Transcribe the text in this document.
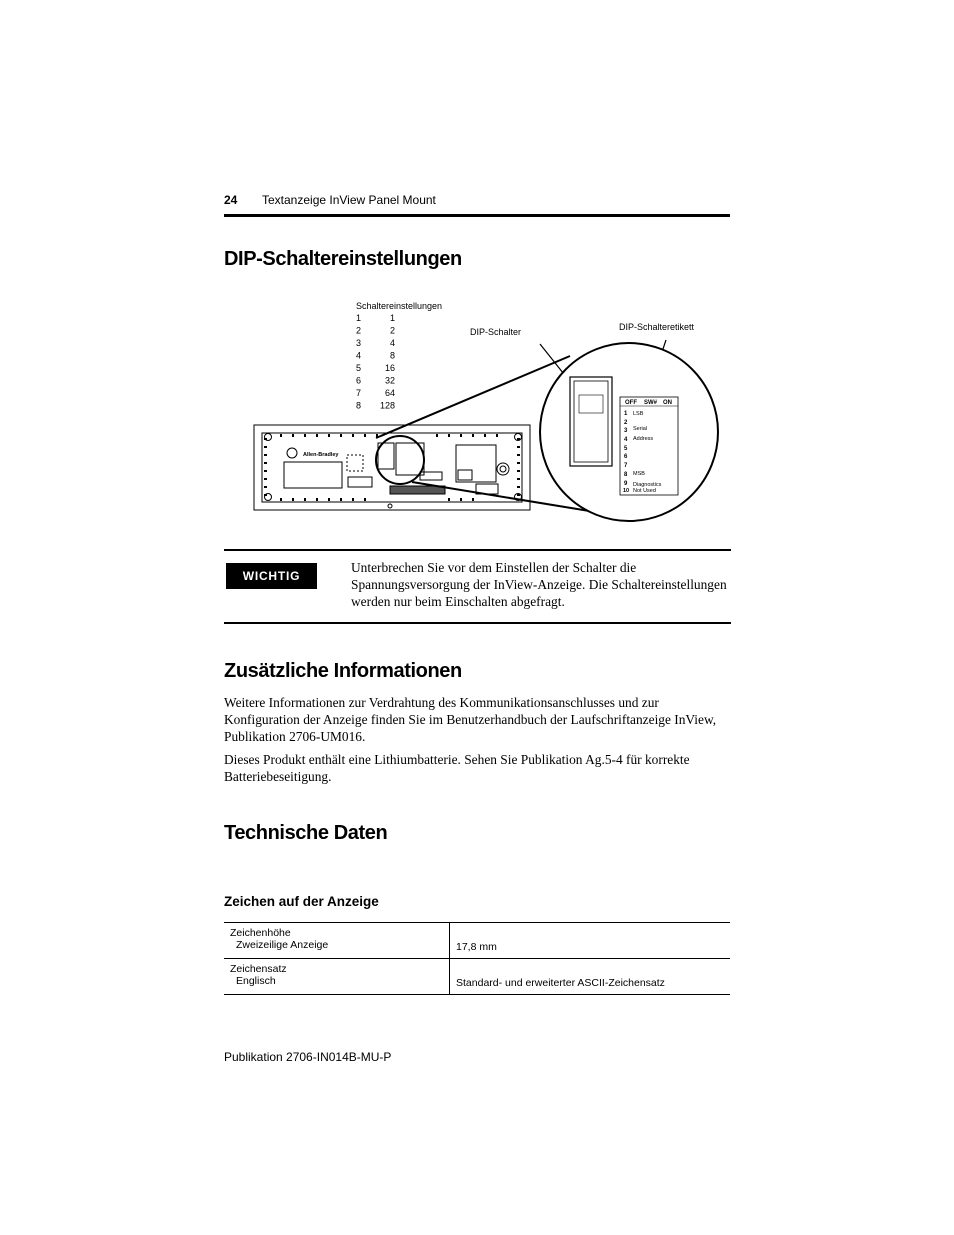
24 Textanzeige InView Panel Mount
DIP-Schaltereinstellungen
Schaltereinstellungen
1	1
2	2
3	4
4	8
5	16
6	32
7	64
8 128
DIP-Schalter	DIP-Schalteretikett
Allen-Bradley
OFF SW# ON
1 LSB
2
3 Serial
4 Address
5
6
7
8 MSB
9 Diagnostics
10 Not Used
WICHTIG
Unterbrechen Sie vor dem Einstellen der Schalter die Spannungsversorgung der InView-Anzeige. Die Schaltereinstellungen werden nur beim Einschalten abgefragt.
Zusätzliche Informationen
Weitere Informationen zur Verdrahtung des Kommunikationsanschlusses und zur Konfiguration der Anzeige finden Sie im Benutzerhandbuch der Laufschriftanzeige InView, Publikation 2706-UM016.
Dieses Produkt enthält eine Lithiumbatterie. Sehen Sie Publikation Ag.5-4 für korrekte Batteriebeseitigung.
Technische Daten
Zeichen auf der Anzeige
Zeichenhöhe
Zweizeilige Anzeige	17,8 mm
Zeichensatz
Englisch	Standard- und erweiterter ASCII-Zeichensatz
Publikation 2706-IN014B-MU-P
